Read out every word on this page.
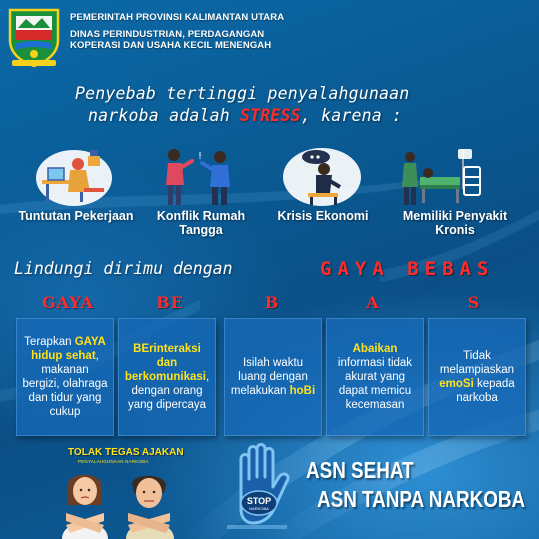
PEMERINTAH PROVINSI KALIMANTAN UTARA
DINAS PERINDUSTRIAN, PERDAGANGAN
KOPERASI DAN USAHA KECIL MENENGAH
Penyebab tertinggi penyalahgunaan
narkoba adalah STRESS, karena :
Tuntutan Pekerjaan
!
Konflik Rumah Tangga
Krisis Ekonomi	Memiliki Penyakit Kronis
Lindungi dirimu dengan	GAYA BEBAS
GAYA	BE	B	A	S
Terapkan GAYA hidup sehat, makanan bergizi, olahraga dan tidur yang cukup
BErinteraksi dan berkomunikasi, dengan orang yang dipercaya
Isilah waktu luang dengan melakukan hoBi
Abaikan informasi tidak akurat yang dapat memicu kecemasan
Tidak melampiaskan emoSi kepada narkoba
TOLAK TEGAS AJAKAN
PENYALAHGUNAAN NARKOBA
STOP
NARKOBA
ASN SEHAT
ASN TANPA NARKOBA
